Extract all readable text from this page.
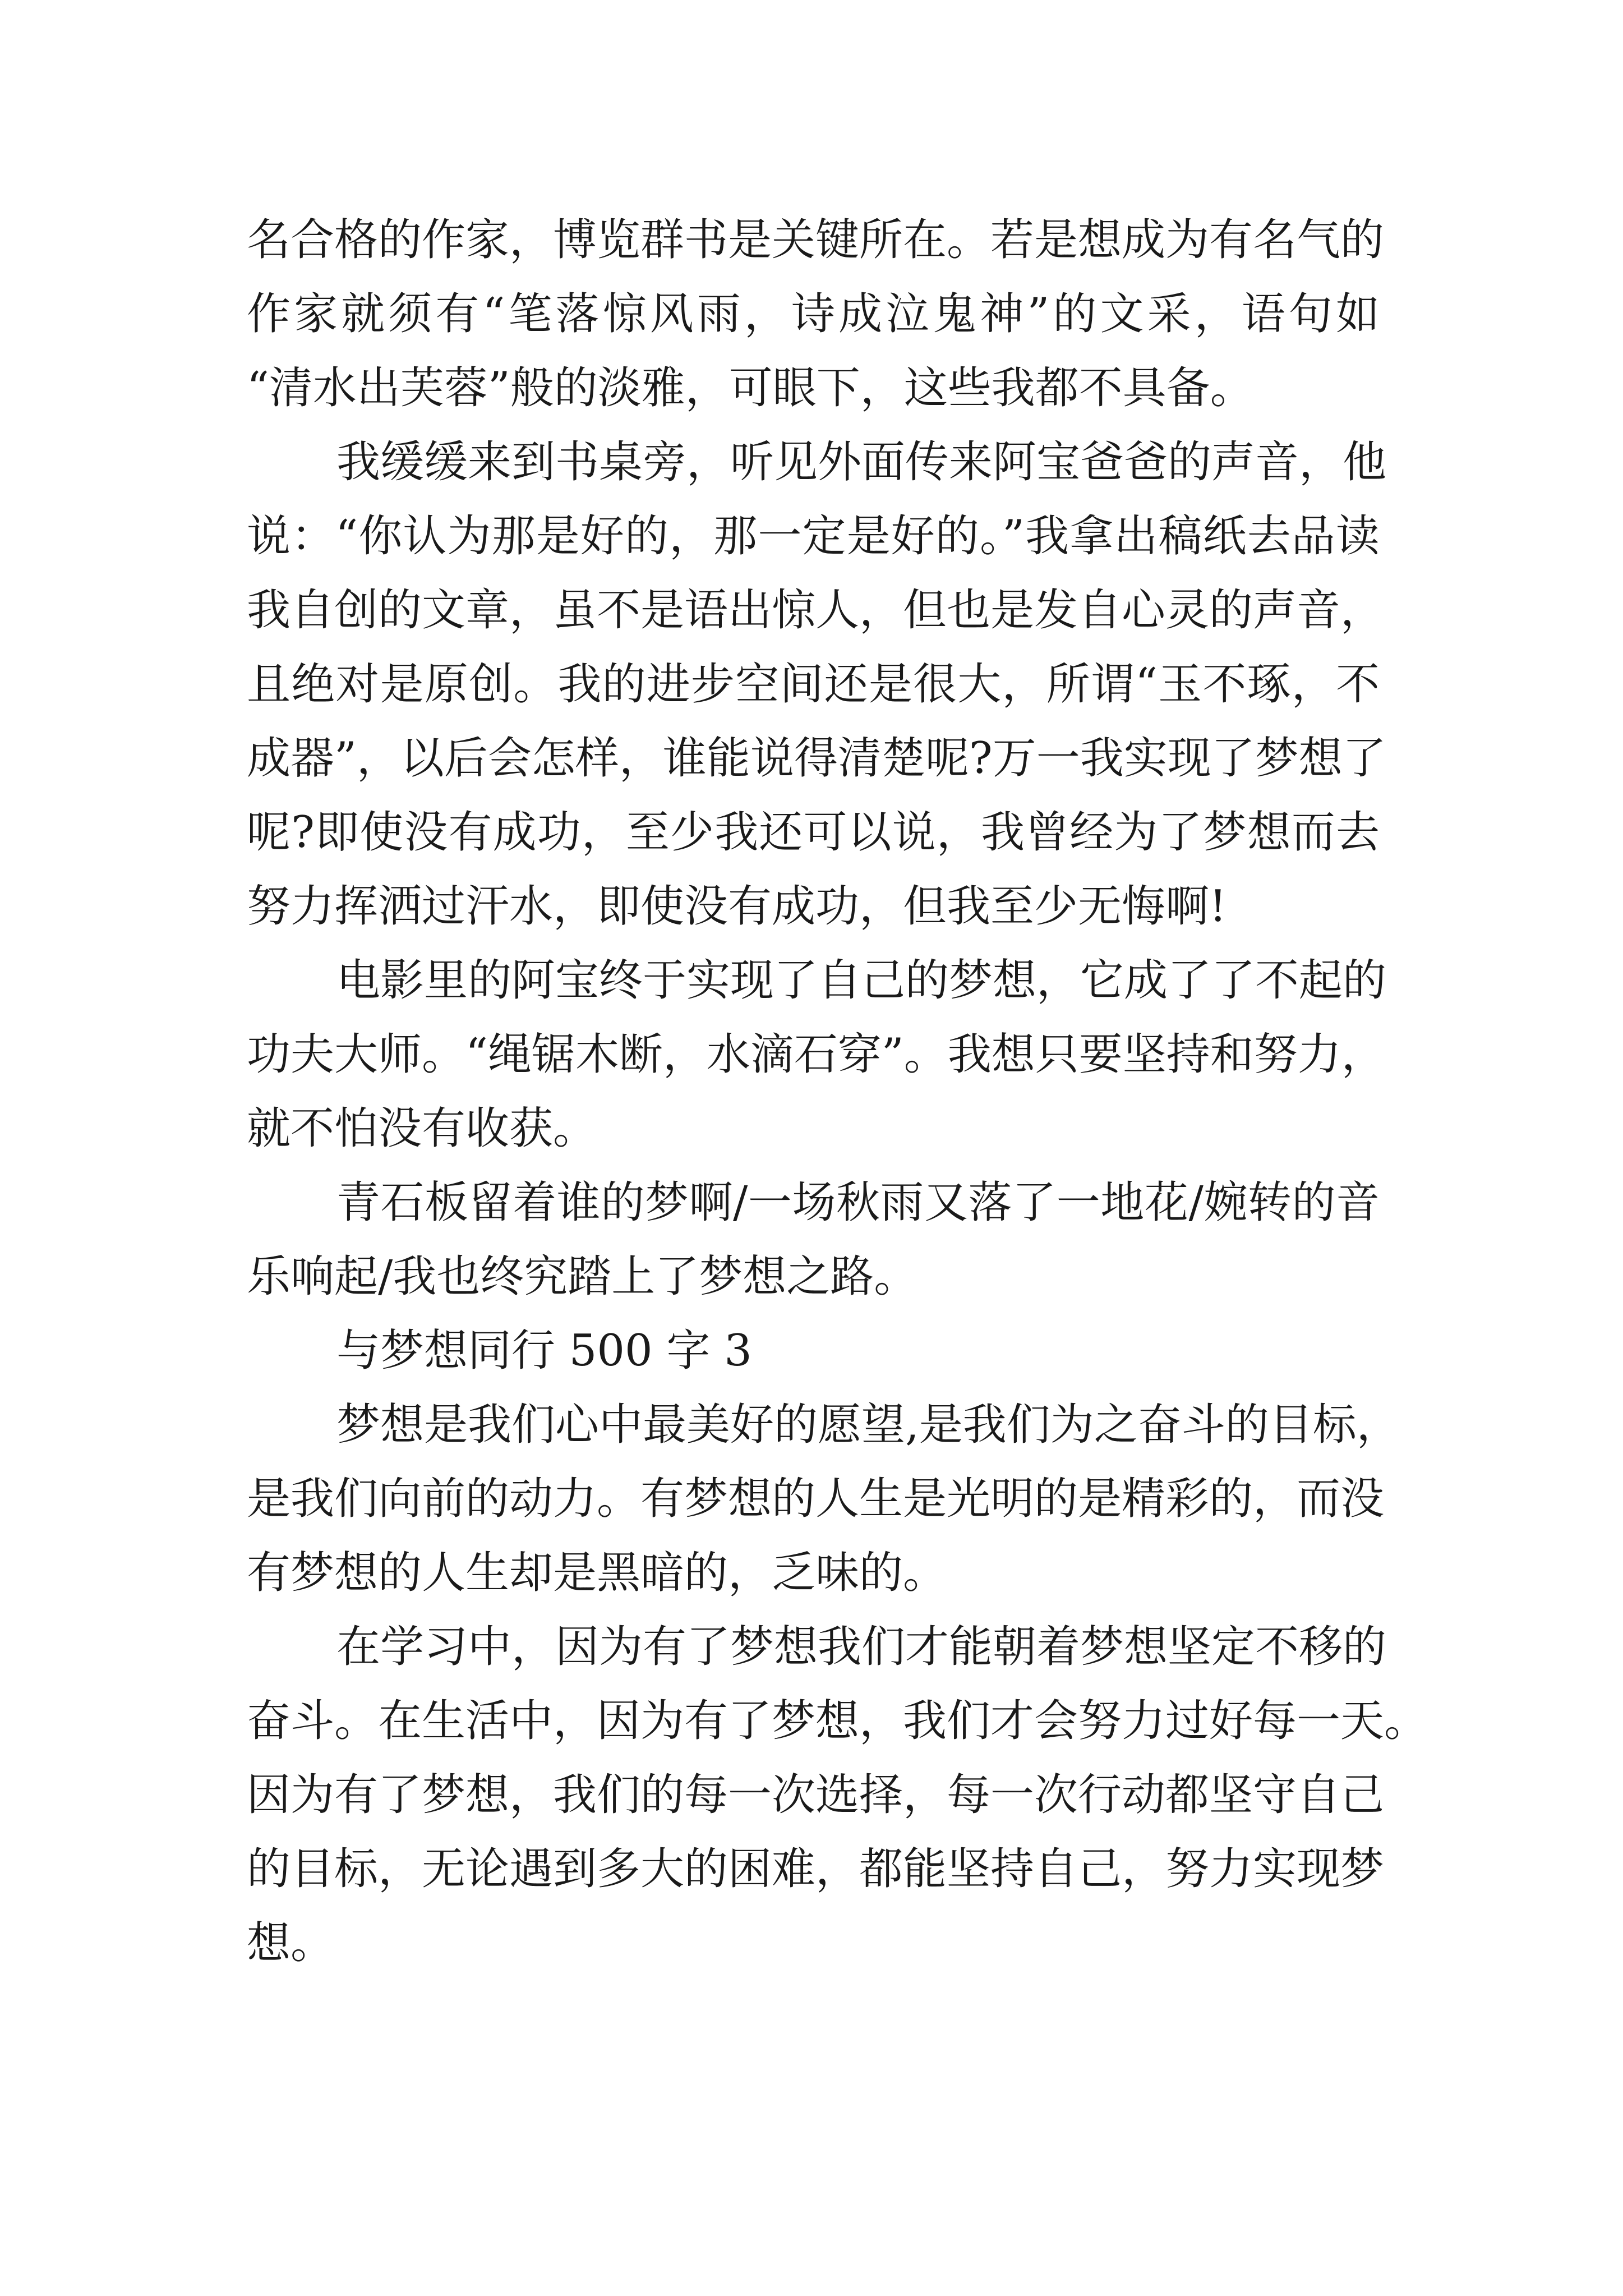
名合格的作家，博览群书是关键所在。若是想成为有名气的
作家就须有“笔落惊风雨，诗成泣鬼神”的文采，语句如
“清水出芙蓉”般的淡雅，可眼下，这些我都不具备。
我缓缓来到书桌旁，听见外面传来阿宝爸爸的声音，他
说：“你认为那是好的，那一定是好的。”我拿出稿纸去品读
我自创的文章，虽不是语出惊人，但也是发自心灵的声音，
且绝对是原创。我的进步空间还是很大，所谓“玉不琢，不
成器”，以后会怎样，谁能说得清楚呢?万一我实现了梦想了
呢?即使没有成功，至少我还可以说，我曾经为了梦想而去
努力挥洒过汗水，即使没有成功，但我至少无悔啊!
电影里的阿宝终于实现了自己的梦想，它成了了不起的
功夫大师。“绳锯木断，水滴石穿”。我想只要坚持和努力，
就不怕没有收获。
青石板留着谁的梦啊/一场秋雨又落了一地花/婉转的音
乐响起/我也终究踏上了梦想之路。
与梦想同行 500 字 3
梦想是我们心中最美好的愿望,是我们为之奋斗的目标，
是我们向前的动力。有梦想的人生是光明的是精彩的，而没
有梦想的人生却是黑暗的，乏味的。
在学习中，因为有了梦想我们才能朝着梦想坚定不移的
奋斗。在生活中，因为有了梦想，我们才会努力过好每一天。
因为有了梦想，我们的每一次选择，每一次行动都坚守自己
的目标，无论遇到多大的困难，都能坚持自己，努力实现梦
想。
